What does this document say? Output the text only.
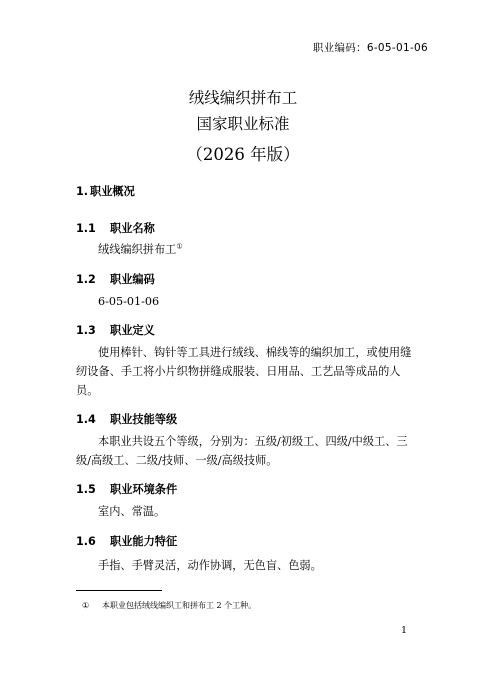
职业编码：6-05-01-06
绒线编织拼布工
国家职业标准
（2026 年版）
1. 职业概况
1.1 职业名称
绒线编织拼布工①
1.2 职业编码
6-05-01-06
1.3 职业定义
使用棒针、钩针等工具进行绒线、棉线等的编织加工，或使用缝纫设备、手工将小片织物拼缝成服装、日用品、工艺品等成品的人员。
1.4 职业技能等级
本职业共设五个等级，分别为：五级/初级工、四级/中级工、三级/高级工、二级/技师、一级/高级技师。
1.5 职业环境条件
室内、常温。
1.6 职业能力特征
手指、手臂灵活，动作协调，无色盲、色弱。
① 本职业包括绒线编织工和拼布工 2 个工种。
1
